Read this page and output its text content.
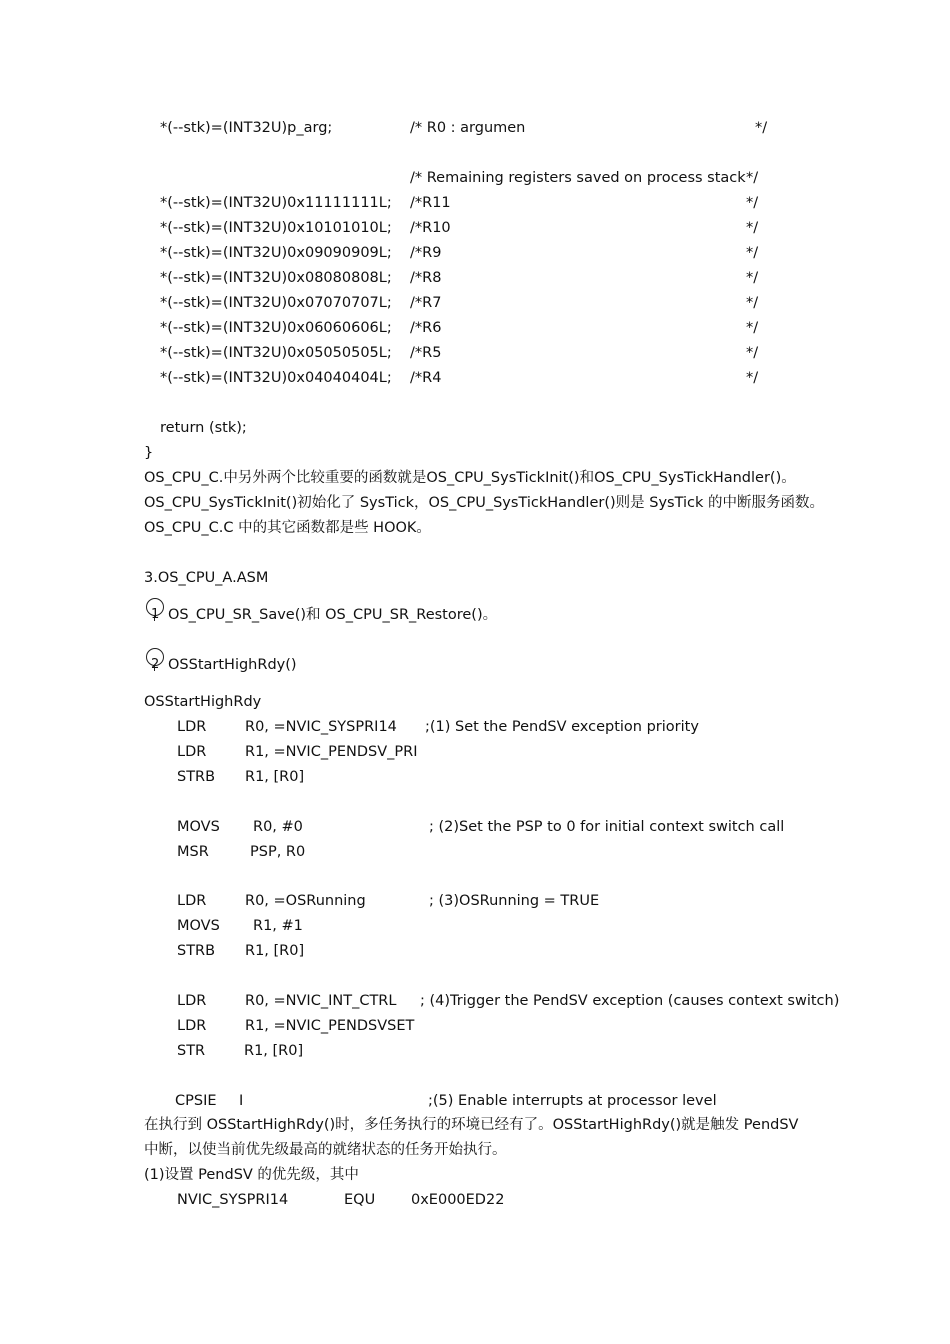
*(--stk)=(INT32U)p_arg;	/* R0 : argumen	*/
/* Remaining registers saved on process stack */
*(--stk)=(INT32U)0x11111111L; /*R11	*/
*(--stk)=(INT32U)0x10101010L; /*R10	*/
*(--stk)=(INT32U)0x09090909L; /*R9	*/
*(--stk)=(INT32U)0x08080808L; /*R8	*/
*(--stk)=(INT32U)0x07070707L; /*R7	*/
*(--stk)=(INT32U)0x06060606L; /*R6	*/
*(--stk)=(INT32U)0x05050505L; /*R5	*/
*(--stk)=(INT32U)0x04040404L; /*R4	*/
return (stk);
}
OS_CPU_C.中另外两个比较重要的函数就是OS_CPU_SysTickInit()和OS_CPU_SysTickHandler()。
OS_CPU_SysTickInit()初始化了 SysTick，OS_CPU_SysTickHandler()则是 SysTick 的中断服务函数。
OS_CPU_C.C 中的其它函数都是些 HOOK。
3.OS_CPU_A.ASM
1 OS_CPU_SR_Save()和 OS_CPU_SR_Restore()。
2 OSStartHighRdy()
OSStartHighRdy
LDR	R0, =NVIC_SYSPRI14 ;(1) Set the PendSV exception priority
LDR	R1, =NVIC_PENDSV_PRI
STRB R1, [R0]
MOVS R0, #0	; (2)Set the PSP to 0 for initial context switch call
MSR	PSP, R0
LDR	R0, =OSRunning	; (3)OSRunning = TRUE
MOVS R1, #1
STRB R1, [R0]
LDR	R0, =NVIC_INT_CTRL ; (4)Trigger the PendSV exception (causes context switch)
LDR	R1, =NVIC_PENDSVSET
STR	R1, [R0]
CPSIE I	;(5) Enable interrupts at processor level
在执行到 OSStartHighRdy()时，多任务执行的环境已经有了。OSStartHighRdy()就是触发 PendSV
中断，以使当前优先级最高的就绪状态的任务开始执行。
(1)设置 PendSV 的优先级，其中
NVIC_SYSPRI14	EQU 0xE000ED22
